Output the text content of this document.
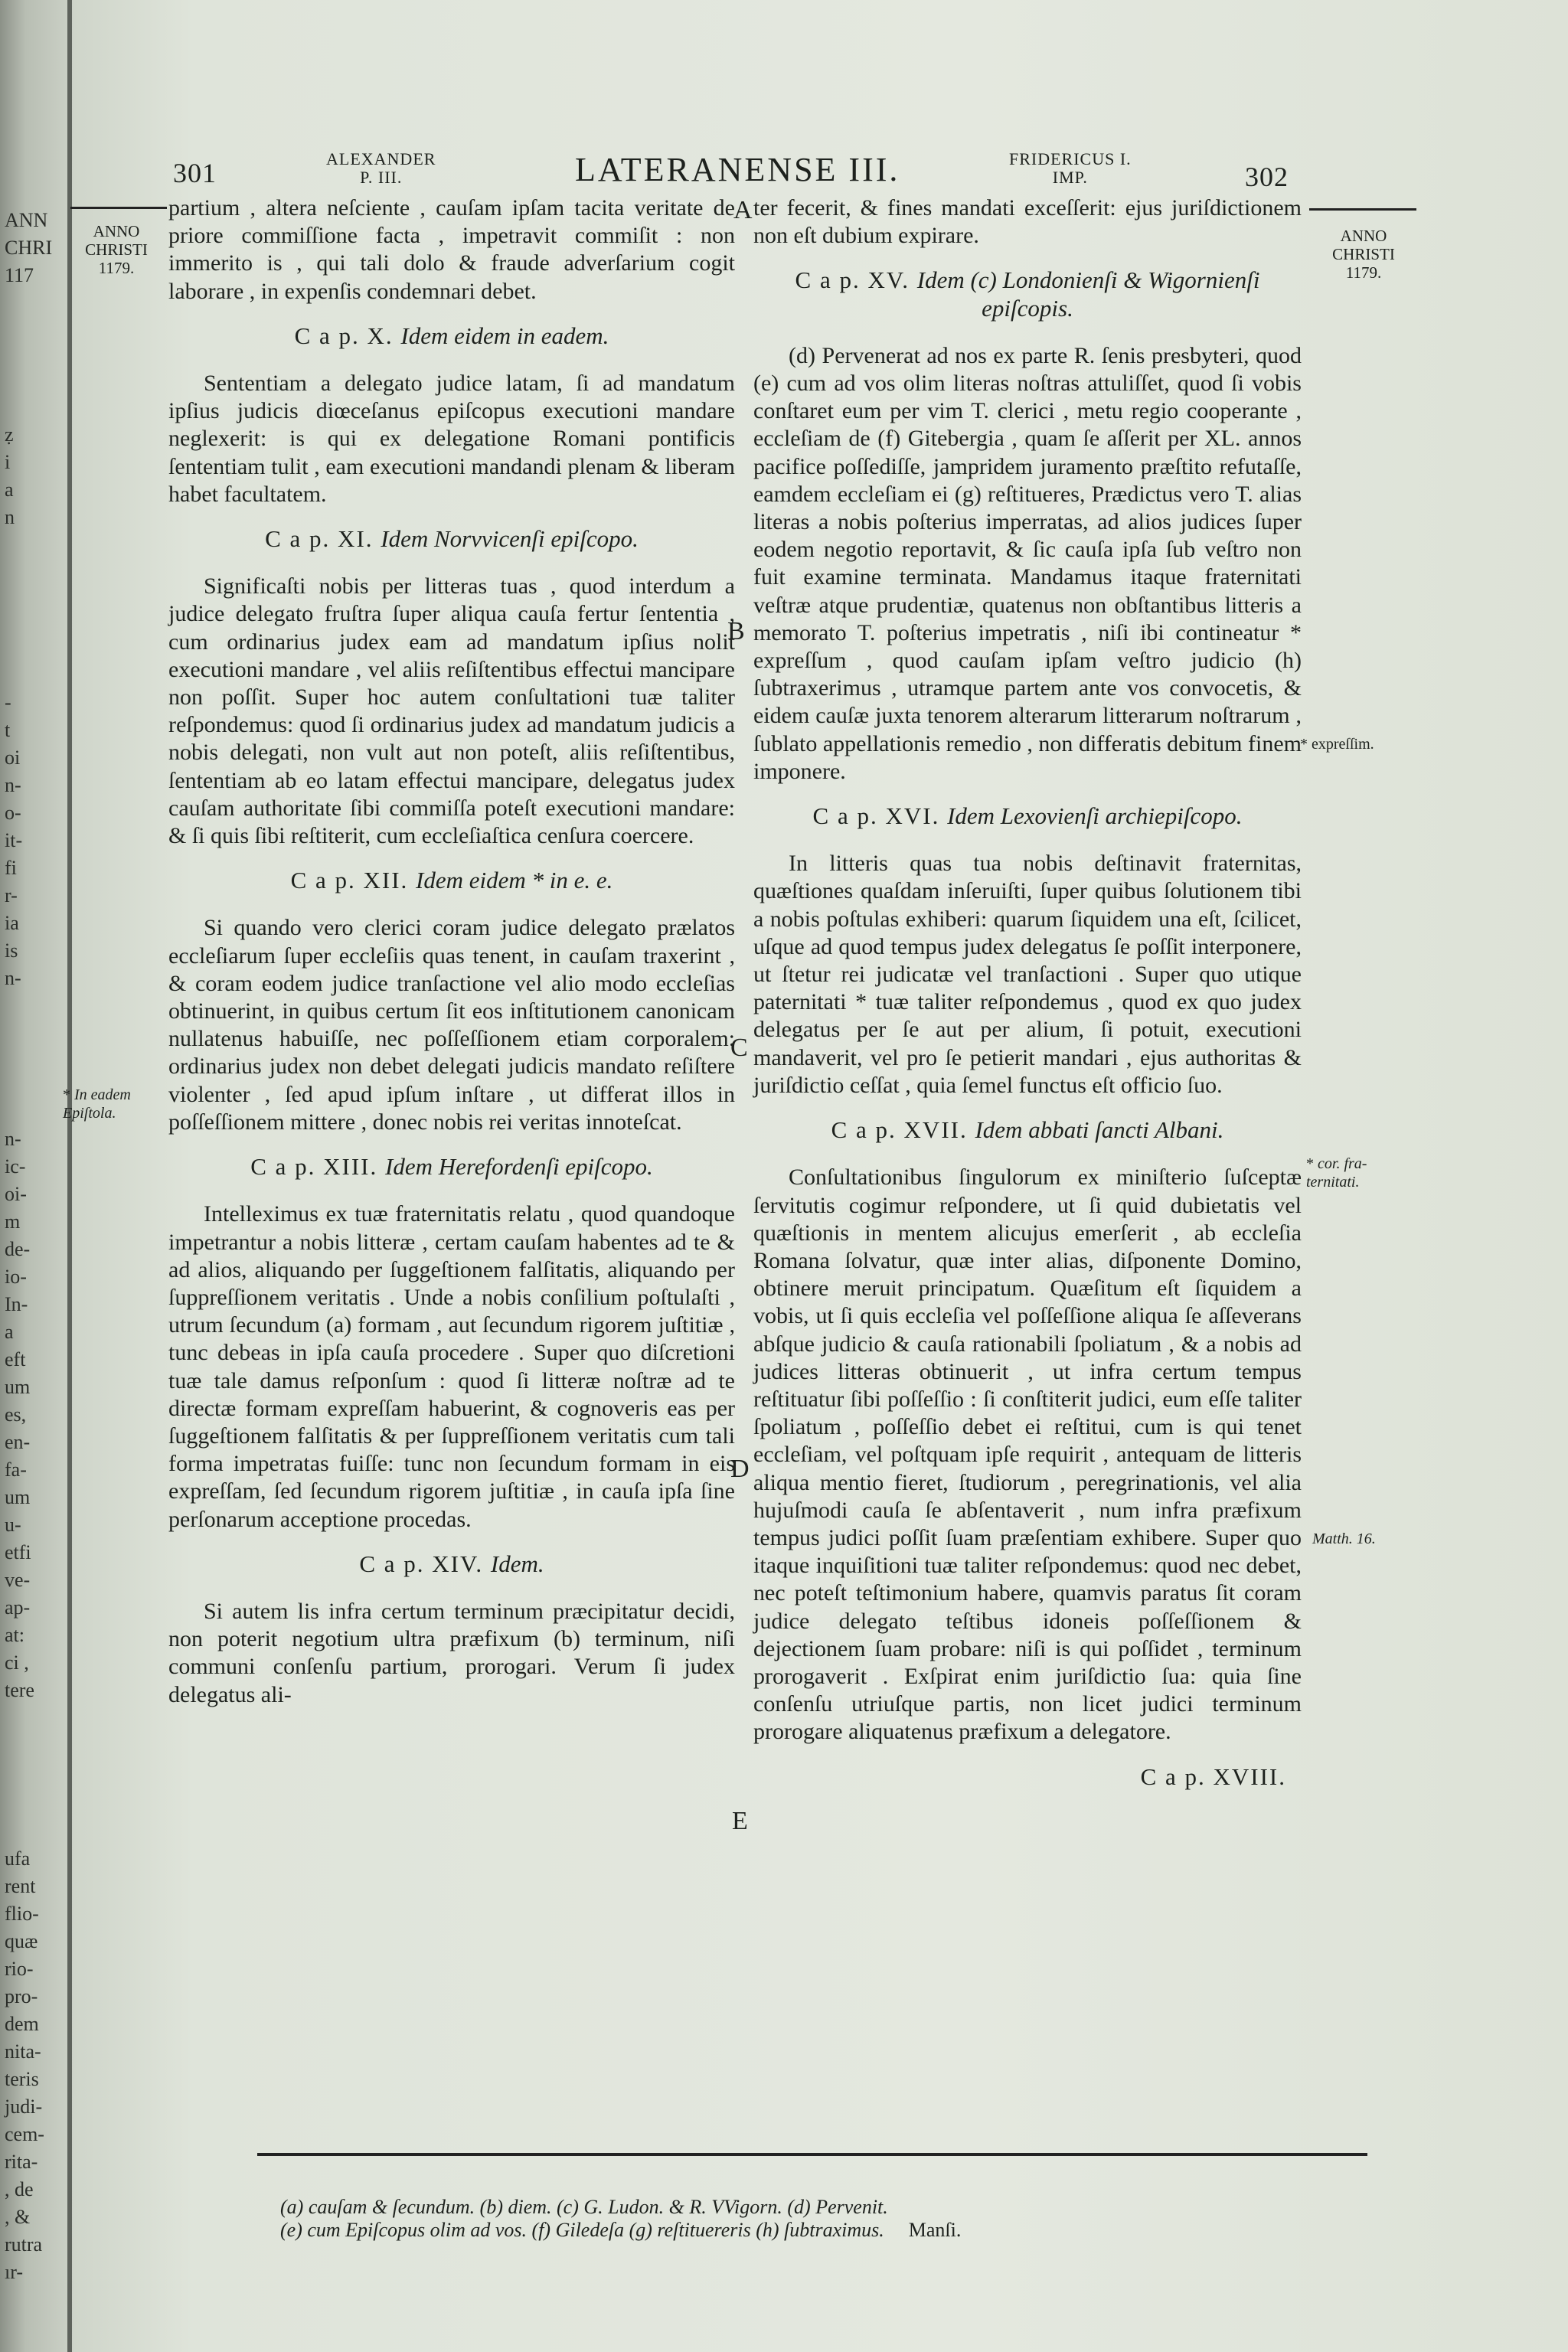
ANN
CHRI
117
ẓ
i
a
n
-
t
oi
n-
o-
it-
fi
r-
ia
is
n-
n-
ic-
oi-
m
de-
io-
In-
a
eft
um
es,
en-
fa-
um
u-
etfi
ve-
ap-
at:
ci ,
tere
ufa
rent
flio-
quæ
rio-
pro-
dem
nita-
teris
judi-
cem-
rita-
, de
, &
rutra
ır-
301	ALEXANDER
P. III.	LATERANENSE III.	FRIDERICUS I.
IMP.	302
ANNO
CHRISTI
1179.
ANNO
CHRISTI
1179.
* In eadem
Epiſtola.
* expreſſim.
* cor. fra-
ternitati.
Matth. 16.
A
B
C
D
E

partium , altera neſciente , cauſam ipſam tacita veritate de priore commiſſione facta , impetravit commiſit : non immerito is , qui tali dolo & fraude adverſarium cogit laborare , in expenſis condemnari debet.

C a p. X. Idem eidem in eadem.

Sententiam a delegato judice latam, ſi ad mandatum ipſius judicis diœceſanus epiſcopus executioni mandare neglexerit: is qui ex delegatione Romani pontificis ſententiam tulit , eam executioni mandandi plenam & liberam habet facultatem.

C a p. XI. Idem Norvvicenſi epiſcopo.

Significaſti nobis per litteras tuas , quod interdum a judice delegato fruſtra ſuper aliqua cauſa fertur ſententia , cum ordinarius judex eam ad mandatum ipſius nolit executioni mandare , vel aliis reſiſtentibus effectui mancipare non poſſit. Super hoc autem conſultationi tuæ taliter reſpondemus: quod ſi ordinarius judex ad mandatum judicis a nobis delegati, non vult aut non poteſt, aliis reſiſtentibus, ſententiam ab eo latam effectui mancipare, delegatus judex cauſam authoritate ſibi commiſſa poteſt executioni mandare: & ſi quis ſibi reſtiterit, cum eccleſiaſtica cenſura coercere.

C a p. XII. Idem eidem * in e. e.

Si quando vero clerici coram judice delegato prælatos eccleſiarum ſuper eccleſiis quas tenent, in cauſam traxerint , & coram eodem judice tranſactione vel alio modo eccleſias obtinuerint, in quibus certum ſit eos inſtitutionem canonicam nullatenus habuiſſe, nec poſſeſſionem etiam corporalem: ordinarius judex non debet delegati judicis mandato reſiſtere violenter , ſed apud ipſum inſtare , ut differat illos in poſſeſſionem mittere , donec nobis rei veritas innoteſcat.

C a p. XIII. Idem Herefordenſi epiſcopo.

Intelleximus ex tuæ fraternitatis relatu , quod quandoque impetrantur a nobis litteræ , certam cauſam habentes ad te & ad alios, aliquando per ſuggeſtionem falſitatis, aliquando per ſuppreſſionem veritatis . Unde a nobis conſilium poſtulaſti , utrum ſecundum (a) formam , aut ſecundum rigorem juſtitiæ , tunc debeas in ipſa cauſa procedere . Super quo diſcretioni tuæ tale damus reſponſum : quod ſi litteræ noſtræ ad te directæ formam expreſſam habuerint, & cognoveris eas per ſuggeſtionem falſitatis & per ſuppreſſionem veritatis cum tali forma impetratas fuiſſe: tunc non ſecundum formam in eis expreſſam, ſed ſecundum rigorem juſtitiæ , in cauſa ipſa ſine perſonarum acceptione procedas.

C a p. XIV. Idem.

Si autem lis infra certum terminum præcipitatur decidi, non poterit negotium ultra præfixum (b) terminum, niſi communi conſenſu partium, prorogari. Verum ſi judex delegatus ali-

ter fecerit, & fines mandati exceſſerit: ejus juriſdictionem non eſt dubium expirare.

C a p. XV. Idem (c) Londonienſi & Wigornienſi epiſcopis.

(d) Pervenerat ad nos ex parte R. ſenis presbyteri, quod (e) cum ad vos olim literas noſtras attuliſſet, quod ſi vobis conſtaret eum per vim T. clerici , metu regio cooperante , eccleſiam de (f) Gitebergia , quam ſe aſſerit per XL. annos pacifice poſſediſſe, jampridem juramento præſtito refutaſſe, eamdem eccleſiam ei (g) reſtitueres, Prædictus vero T. alias literas a nobis poſterius imperratas, ad alios judices ſuper eodem negotio reportavit, & ſic cauſa ipſa ſub veſtro non fuit examine terminata. Mandamus itaque fraternitati veſtræ atque prudentiæ, quatenus non obſtantibus litteris a memorato T. poſterius impetratis , niſi ibi contineatur * expreſſum , quod cauſam ipſam veſtro judicio (h) ſubtraxerimus , utramque partem ante vos convocetis, & eidem cauſæ juxta tenorem alterarum litterarum noſtrarum , ſublato appellationis remedio , non differatis debitum finem imponere.

C a p. XVI. Idem Lexovienſi archiepiſcopo.

In litteris quas tua nobis deſtinavit fraternitas, quæſtiones quaſdam inſeruiſti, ſuper quibus ſolutionem tibi a nobis poſtulas exhiberi: quarum ſiquidem una eſt, ſcilicet, uſque ad quod tempus judex delegatus ſe poſſit interponere, ut ſtetur rei judicatæ vel tranſactioni . Super quo utique paternitati * tuæ taliter reſpondemus , quod ex quo judex delegatus per ſe aut per alium, ſi potuit, executioni mandaverit, vel pro ſe petierit mandari , ejus authoritas & juriſdictio ceſſat , quia ſemel functus eſt officio ſuo.

C a p. XVII. Idem abbati ſancti Albani.

Conſultationibus ſingulorum ex miniſterio ſuſceptæ ſervitutis cogimur reſpondere, ut ſi quid dubietatis vel quæſtionis in mentem alicujus emerſerit , ab eccleſia Romana ſolvatur, quæ inter alias, diſponente Domino, obtinere meruit principatum. Quæſitum eſt ſiquidem a vobis, ut ſi quis eccleſia vel poſſeſſione aliqua ſe aſſeverans abſque judicio & cauſa rationabili ſpoliatum , & a nobis ad judices litteras obtinuerit , ut infra certum tempus reſtituatur ſibi poſſeſſio : ſi conſtiterit judici, eum eſſe taliter ſpoliatum , poſſeſſio debet ei reſtitui, cum is qui tenet eccleſiam, vel poſtquam ipſe requirit , antequam de litteris aliqua mentio fieret, ſtudiorum , peregrinationis, vel alia hujuſmodi cauſa ſe abſentaverit , num infra præfixum tempus judici poſſit ſuam præſentiam exhibere. Super quo itaque inquiſitioni tuæ taliter reſpondemus: quod nec debet, nec poteſt teſtimonium habere, quamvis paratus ſit coram judice delegato teſtibus idoneis poſſeſſionem & dejectionem ſuam probare: niſi is qui poſſidet , terminum prorogaverit . Exſpirat enim juriſdictio ſua: quia ſine conſenſu utriuſque partis, non licet judici terminum prorogare aliquatenus præfixum a delegatore.

C a p. XVIII.
(a) cauſam & ſecundum. (b) diem. (c) G. Ludon. & R. VVigorn. (d) Pervenit.
(e) cum Epiſcopus olim ad vos. (f) Giledeſa (g) reſtituereris (h) ſubtraximus. Manſi.
